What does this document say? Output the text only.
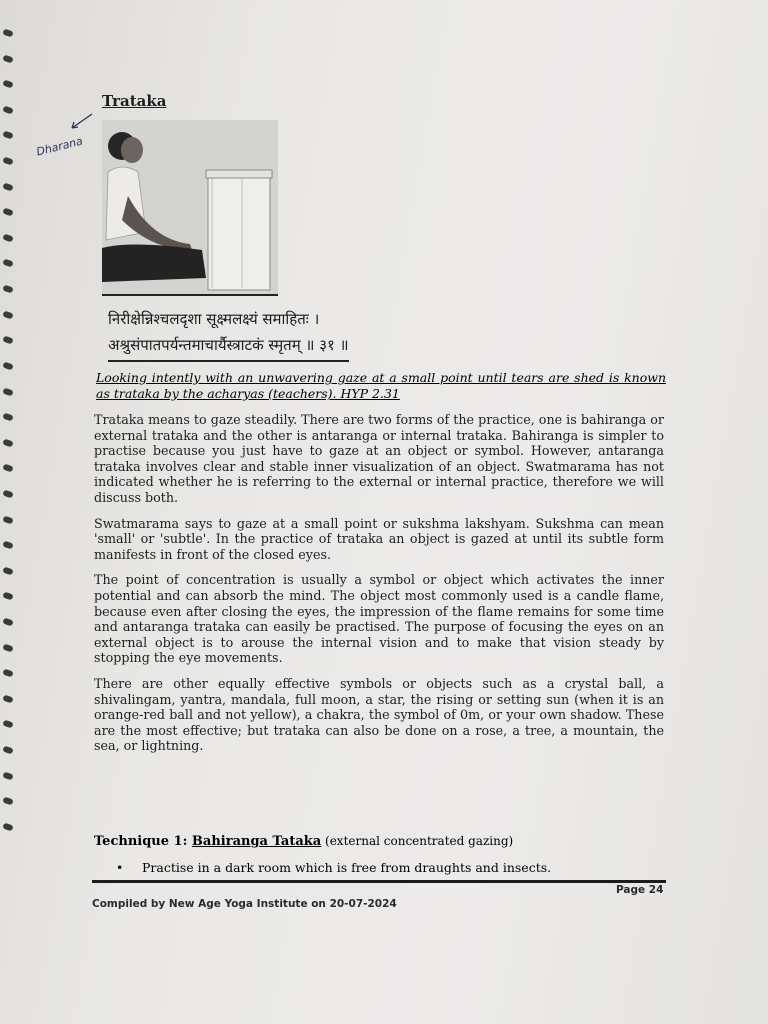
Trataka
Dharana
निरीक्षेन्निश्चलदृशा सूक्ष्मलक्ष्यं समाहितः ।
अश्रुसंपातपर्यन्तमाचार्यैस्त्राटकं स्मृतम् ॥ ३१ ॥
Looking intently with an unwavering gaze at a small point until tears are shed is known as trataka by the acharyas (teachers). HYP 2.31

Trataka means to gaze steadily. There are two forms of the practice, one is bahiranga or external trataka and the other is antaranga or internal trataka. Bahiranga is simpler to practise because you just have to gaze at an object or symbol. However, antaranga trataka involves clear and stable inner visualization of an object. Swatmarama has not indicated whether he is referring to the external or internal practice, therefore we will discuss both.

Swatmarama says to gaze at a small point or sukshma lakshyam. Sukshma can mean 'small' or 'subtle'. In the practice of trataka an object is gazed at until its subtle form manifests in front of the closed eyes.

The point of concentration is usually a symbol or object which activates the inner potential and can absorb the mind. The object most commonly used is a candle flame, because even after closing the eyes, the impression of the flame remains for some time and antaranga trataka can easily be practised. The purpose of focusing the eyes on an external object is to arouse the internal vision and to make that vision steady by stopping the eye movements.

There are other equally effective symbols or objects such as a crystal ball, a shivalingam, yantra, mandala, full moon, a star, the rising or setting sun (when it is an orange-red ball and not yellow), a chakra, the symbol of 0m, or your own shadow. These are the most effective; but trataka can also be done on a rose, a tree, a mountain, the sea, or lightning.

Technique 1: Bahiranga Tataka (external concentrated gazing)
• Practise in a dark room which is free from draughts and insects.
Compiled by New Age Yoga Institute on 20-07-2024
Page 24
